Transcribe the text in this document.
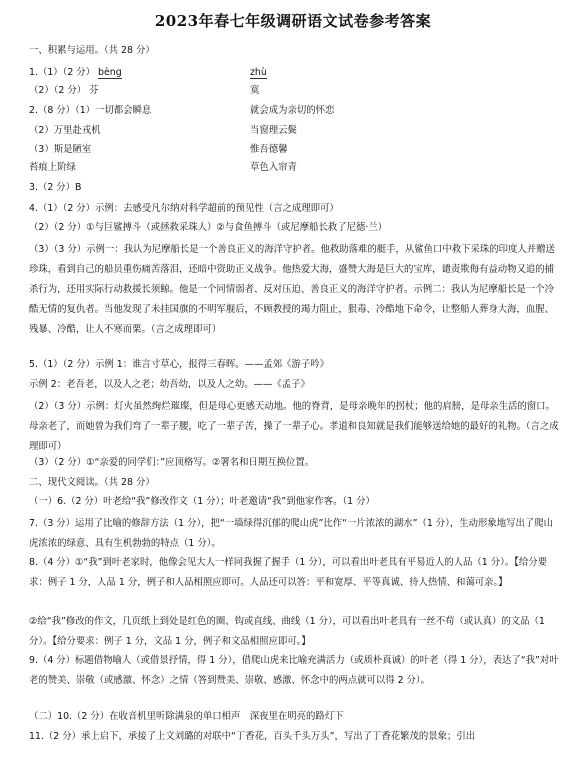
2023年春七年级调研语文试卷参考答案
一、积累与运用。（共 28 分）
1.（1）（2 分） bèng	zhù
（2）（2 分） 芬	寞
2.（8 分）（1）一切都会瞬息	就会成为亲切的怀恋
（2）万里赴戎机	当窗理云鬓
（3）斯是陋室	惟吾德馨
苔痕上阶绿	草色入帘青
3.（2 分）B
4.（1）（2 分）示例：去感受凡尔纳对科学超前的预见性（言之成理即可）
（2）（2 分）①与巨鲨搏斗（或拯救采珠人）②与食鱼搏斗（或尼摩船长救了尼德·兰）
（3）（3 分）示例一：我认为尼摩船长是一个善良正义的海洋守护者。他救助落难的艇手，从鲨鱼口中救下采珠的印度人并赠送珍珠，看到自己的船员重伤痛苦落泪，还暗中资助正义战争。他热爱大海，盛赞大海是巨大的宝库，谴责欺侮有益动物又追的捕杀行为，还用实际行动救援长须鲸。他是一个同情弱者、反对压迫、善良正义的海洋守护者。示例二：我认为尼摩船长是一个冷酷无情的复仇者。当他发现了未挂国旗的不明军舰后，不顾教授的竭力阻止，狠毒、冷酷地下命令，让整船人葬身大海，血腥、残暴、冷酷，让人不寒而栗。（言之成理即可）
5.（1）（2 分）示例 1：谁言寸草心，报得三春晖。——孟郊《游子吟》
示例 2：老吾老，以及人之老；幼吾幼，以及人之幼。——《孟子》
（2）（3 分）示例：灯火虽然绚烂璀璨，但是母心更感天动地。他的脊背，是母亲晚年的拐杖；他的肩膀，是母亲生活的窗口。母亲老了，而她曾为我们弯了一辈子腰，吃了一辈子苦，操了一辈子心。孝道和良知就是我们能够送给她的最好的礼物。（言之成理即可）
（3）（2 分）①“亲爱的同学们：”应顶格写。②署名和日期互换位置。
二、现代文阅读。（共 28 分）
（一）6.（2 分）叶老给“我”修改作文（1 分）；叶老邀请“我”到他家作客。（1 分）
7.（3 分）运用了比喻的修辞方法（1 分），把“一墙绿得沉郁的爬山虎”比作“一片浓浓的湖水”（1 分），生动形象地写出了爬山虎浓浓的绿意、具有生机勃勃的特点（1 分）。
8.（4 分）①“我”到叶老家时，他像会见大人一样同我握了握手（1 分），可以看出叶老具有平易近人的人品（1 分）。【给分要求：例子 1 分，人品 1 分，例子和人品相照应即可。人品还可以答：平和宽厚、平等真诚、待人热情、和蔼可亲。】
②给“我”修改的作文，几页纸上到处是红色的圈、钩或直线、曲线（1 分），可以看出叶老具有一丝不苟（或认真）的文品（1 分）。【给分要求：例子 1 分，文品 1 分，例子和文品相照应即可。】
9.（4 分）标题借物喻人（或借景抒情，得 1 分），借爬山虎来比喻充满活力（或质朴真诚）的叶老（得 1 分），表达了“我”对叶老的赞美、崇敬（或感激、怀念）之情（答到赞美、崇敬、感激、怀念中的两点就可以得 2 分）。
（二）10.（2 分）在收音机里听除满泉的单口相声　深夜里在明亮的路灯下
11.（2 分）承上启下，承接了上文刘璐的对联中“丁香花，百头千头万头”，写出了丁香花繁茂的景象；引出
